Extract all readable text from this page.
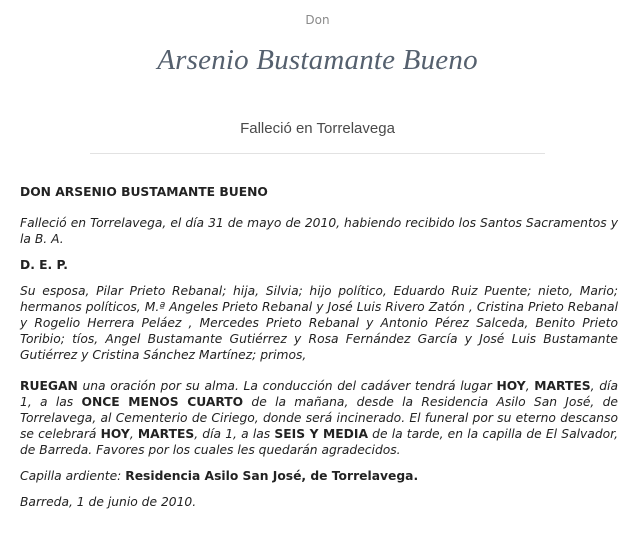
Don
Arsenio Bustamante Bueno
Falleció en Torrelavega

DON ARSENIO BUSTAMANTE BUENO

Falleció en Torrelavega, el día 31 de mayo de 2010, habiendo recibido los Santos Sacramentos y la B. A.

D. E. P.

Su esposa, Pilar Prieto Rebanal; hija, Silvia; hijo político, Eduardo Ruiz Puente; nieto, Mario; hermanos políticos, M.ª Angeles Prieto Rebanal y José Luis Rivero Zatón , Cristina Prieto Rebanal y Rogelio Herrera Peláez , Mercedes Prieto Rebanal y Antonio Pérez Salceda, Benito Prieto Toribio; tíos, Angel Bustamante Gutiérrez y Rosa Fernández García y José Luis Bustamante Gutiérrez y Cristina Sánchez Martínez; primos,

RUEGAN una oración por su alma. La conducción del cadáver tendrá lugar HOY, MARTES, día 1, a las ONCE MENOS CUARTO de la mañana, desde la Residencia Asilo San José, de Torrelavega, al Cementerio de Ciriego, donde será incinerado. El funeral por su eterno descanso se celebrará HOY, MARTES, día 1, a las SEIS Y MEDIA de la tarde, en la capilla de El Salvador, de Barreda. Favores por los cuales les quedarán agradecidos.

Capilla ardiente: Residencia Asilo San José, de Torrelavega.

Barreda, 1 de junio de 2010.
